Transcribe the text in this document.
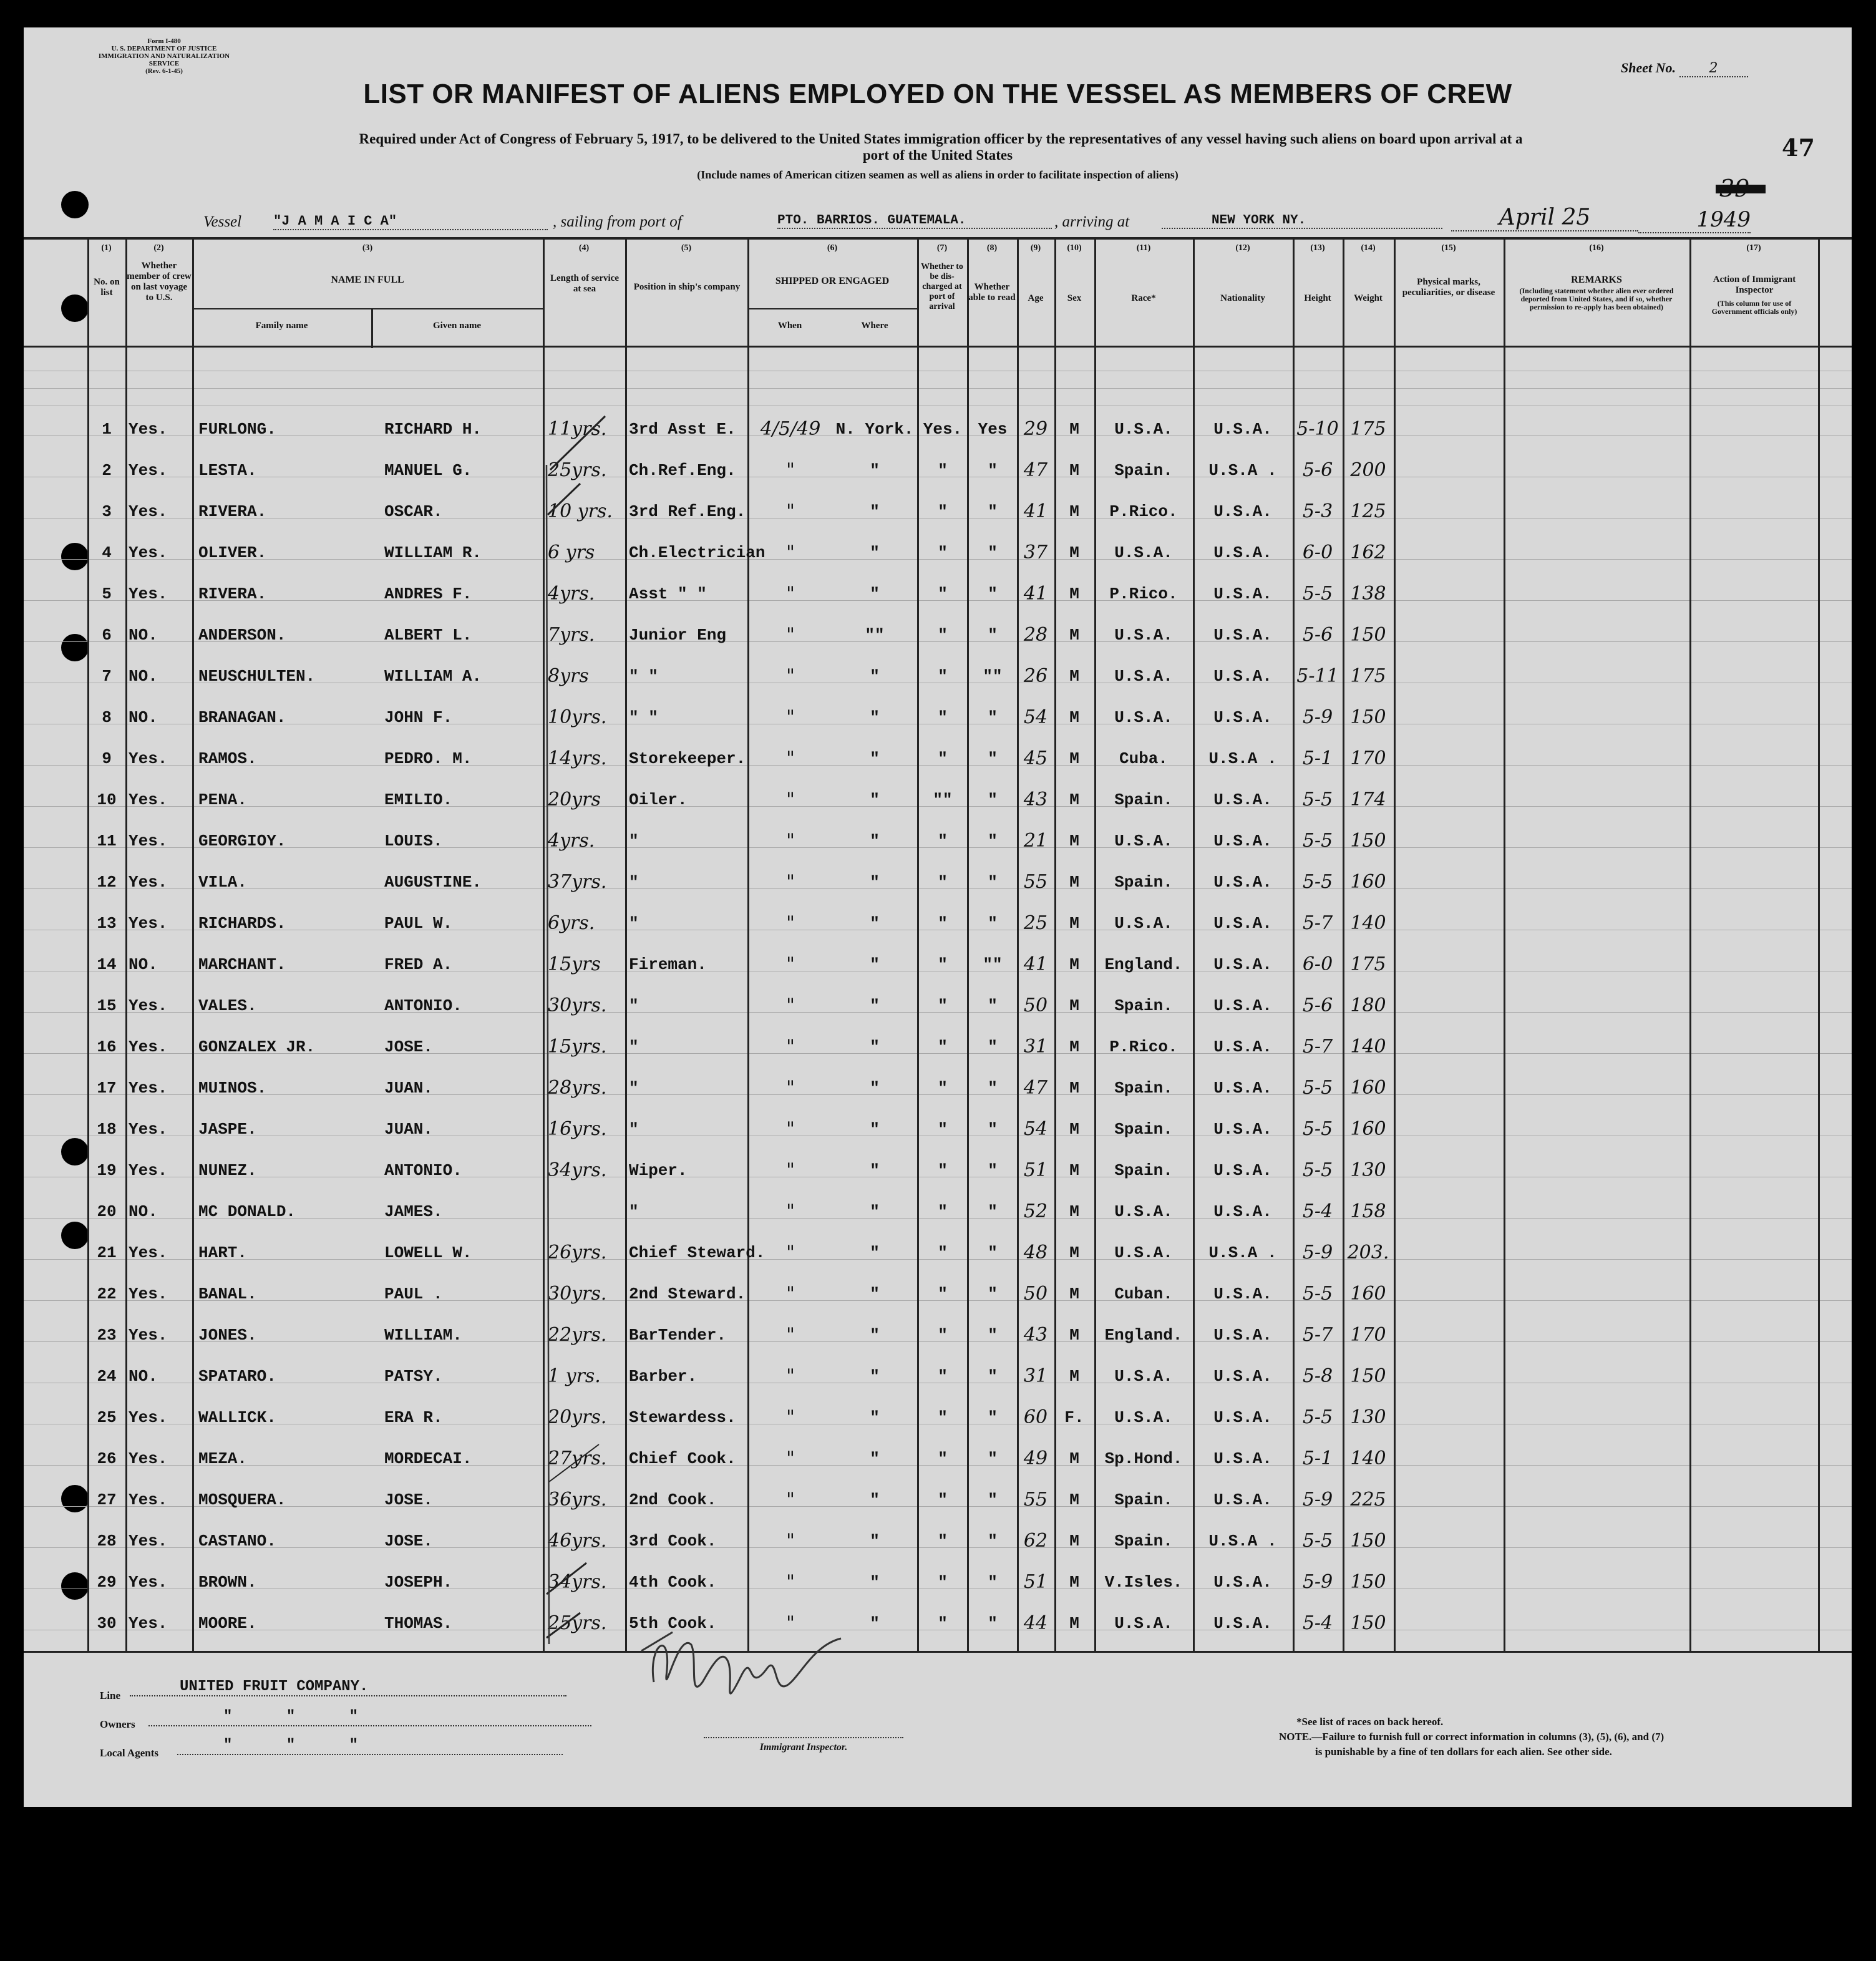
Form I-480
U. S. DEPARTMENT OF JUSTICE
IMMIGRATION AND NATURALIZATION SERVICE
(Rev. 6-1-45)	Sheet No. 2
LIST OR MANIFEST OF ALIENS EMPLOYED ON THE VESSEL AS MEMBERS OF CREW
Required under Act of Congress of February 5, 1917, to be delivered to the United States immigration officer by the representatives of any vessel having such aliens on board upon arrival at a
port of the United States
(Include names of American citizen seamen as well as aliens in order to facilitate inspection of aliens)
47
Vessel "J A M A I C A"	, sailing from port of	PTO. BARRIOS. GUATEMALA.	, arriving at	NEW YORK NY.	April 25	1949
(1)	(2)	(3)	(4)	(5)	(6)	(7)	(8)	(9)	(10)	(11)	(12)	(13)	(14)	(15)	(16)	(17)
No. on list
Whether member of crew on last voyage to U.S.
NAME IN FULL
Family name	Given name
Length of service at sea	Position in ship's company
SHIPPED OR ENGAGED
When	Where
Whether to be dis-charged at port of arrival
Whether able to read	Age	Sex	Race*	Nationality	Height	Weight
Physical marks, peculiarities, or disease
REMARKS
(Including statement whether alien ever ordered deported from United States, and if so, whether permission to re-apply has been obtained)
Action of Immigrant Inspector
(This column for use of Government officials only)
1	Yes.	FURLONG.	RICHARD H.	11yrs.	3rd Asst E.	4/5/49 N. York. Yes. Yes 29	M	U.S.A.	U.S.A.	5-10 175
2	Yes.	LESTA.	MANUEL G.	25yrs.	Ch.Ref.Eng.	"	"	"	"	47	M	Spain.	U.S.A .	5-6 200
3	Yes.	RIVERA.	OSCAR.	10 yrs.	3rd Ref.Eng.	"	"	"	"	41	M	P.Rico.	U.S.A.	5-3 125
4	Yes.	OLIVER.	WILLIAM R.	6 yrs	Ch.Electrician	"	"	"	"	37	M	U.S.A.	U.S.A.	6-0 162
5	Yes.	RIVERA.	ANDRES F.	4yrs.	Asst " "	"	"	"	"	41	M	P.Rico.	U.S.A.	5-5 138
6	NO.	ANDERSON.	ALBERT L.	7yrs.	Junior Eng	"	""	"	"	28	M	U.S.A.	U.S.A.	5-6 150
7	NO.	NEUSCHULTEN.	WILLIAM A.	8yrs	" "	"	"	"	""	26	M	U.S.A.	U.S.A.	5-11 175
8	NO.	BRANAGAN.	JOHN F.	10yrs.	" "	"	"	"	"	54	M	U.S.A.	U.S.A.	5-9 150
9	Yes.	RAMOS.	PEDRO. M.	14yrs.	Storekeeper.	"	"	"	"	45	M	Cuba.	U.S.A .	5-1 170
10 Yes.	PENA.	EMILIO.	20yrs	Oiler.	"	"	""	"	43	M	Spain.	U.S.A.	5-5 174
11 Yes.	GEORGIOY.	LOUIS.	4yrs.	"	"	"	"	"	21	M	U.S.A.	U.S.A.	5-5 150
12 Yes.	VILA.	AUGUSTINE.	37yrs.	"	"	"	"	"	55	M	Spain.	U.S.A.	5-5 160
13 Yes.	RICHARDS.	PAUL W.	6yrs.	"	"	"	"	"	25	M	U.S.A.	U.S.A.	5-7 140
14 NO.	MARCHANT.	FRED A.	15yrs	Fireman.	"	"	"	""	41	M	England.	U.S.A.	6-0 175
15 Yes.	VALES.	ANTONIO.	30yrs.	"	"	"	"	"	50	M	Spain.	U.S.A.	5-6 180
16 Yes.	GONZALEX JR.	JOSE.	15yrs.	"	"	"	"	"	31	M	P.Rico.	U.S.A.	5-7 140
17 Yes.	MUINOS.	JUAN.	28yrs.	"	"	"	"	"	47	M	Spain.	U.S.A.	5-5 160
18 Yes.	JASPE.	JUAN.	16yrs.	"	"	"	"	"	54	M	Spain.	U.S.A.	5-5 160
19 Yes.	NUNEZ.	ANTONIO.	34yrs.	Wiper.	"	"	"	"	51	M	Spain.	U.S.A.	5-5 130
20 NO.	MC DONALD.	JAMES.	"	"	"	"	"	52	M	U.S.A.	U.S.A.	5-4 158
21 Yes.	HART.	LOWELL W.	26yrs.	Chief Steward.	"	"	"	"	48	M	U.S.A.	U.S.A .	5-9 203.
22 Yes.	BANAL.	PAUL .	30yrs.	2nd Steward.	"	"	"	"	50	M	Cuban.	U.S.A.	5-5 160
23 Yes.	JONES.	WILLIAM.	22yrs.	BarTender.	"	"	"	"	43	M	England.	U.S.A.	5-7 170
24 NO.	SPATARO.	PATSY.	1 yrs.	Barber.	"	"	"	"	31	M	U.S.A.	U.S.A.	5-8 150
25 Yes.	WALLICK.	ERA R.	20yrs.	Stewardess.	"	"	"	"	60	F.	U.S.A.	U.S.A.	5-5 130
26 Yes.	MEZA.	MORDECAI.	27yrs.	Chief Cook.	"	"	"	"	49	M	Sp.Hond.	U.S.A.	5-1 140
27 Yes.	MOSQUERA.	JOSE.	36yrs.	2nd Cook.	"	"	"	"	55	M	Spain.	U.S.A.	5-9 225
28 Yes.	CASTANO.	JOSE.	46yrs.	3rd Cook.	"	"	"	"	62	M	Spain.	U.S.A .	5-5 150
29 Yes.	BROWN.	JOSEPH.	34yrs.	4th Cook.	"	"	"	"	51	M	V.Isles.	U.S.A.	5-9 150
30 Yes.	MOORE.	THOMAS.	25yrs.	5th Cook.	"	"	"	"	44	M	U.S.A.	U.S.A.	5-4 150
Line
UNITED FRUIT COMPANY.
Owners	"      "      "
Local Agents	"      "      "	Immigrant Inspector.
*See list of races on back hereof.
NOTE.—Failure to furnish full or correct information in columns (3), (5), (6), and (7)
is punishable by a fine of ten dollars for each alien. See other side.
